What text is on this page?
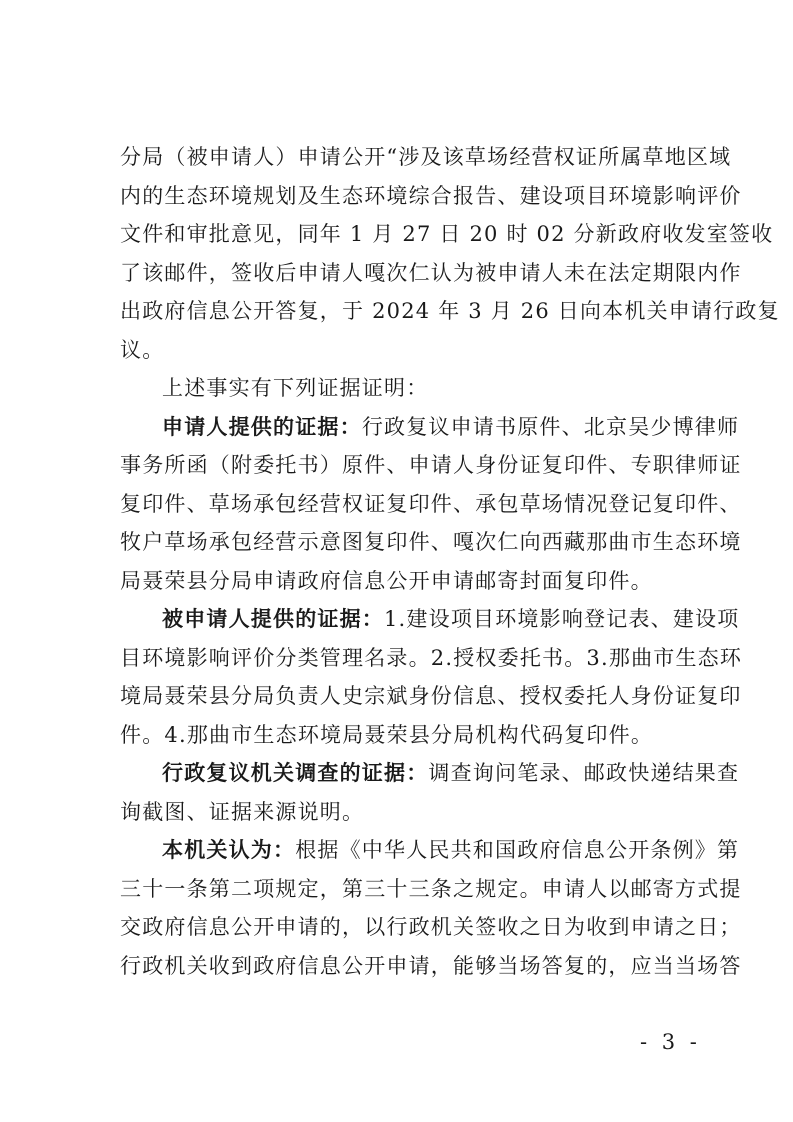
分局（被申请人）申请公开“涉及该草场经营权证所属草地区域
内的生态环境规划及生态环境综合报告、建设项目环境影响评价
文件和审批意见，同年 1 月 27 日 20 时 02 分新政府收发室签收
了该邮件，签收后申请人嘎次仁认为被申请人未在法定期限内作
出政府信息公开答复，于 2024 年 3 月 26 日向本机关申请行政复
议。
上述事实有下列证据证明：
申请人提供的证据：行政复议申请书原件、北京吴少博律师
事务所函（附委托书）原件、申请人身份证复印件、专职律师证
复印件、草场承包经营权证复印件、承包草场情况登记复印件、
牧户草场承包经营示意图复印件、嘎次仁向西藏那曲市生态环境
局聂荣县分局申请政府信息公开申请邮寄封面复印件。
被申请人提供的证据：1.建设项目环境影响登记表、建设项
目环境影响评价分类管理名录。2.授权委托书。3.那曲市生态环
境局聂荣县分局负责人史宗斌身份信息、授权委托人身份证复印
件。4.那曲市生态环境局聂荣县分局机构代码复印件。
行政复议机关调查的证据：调查询问笔录、邮政快递结果查
询截图、证据来源说明。
本机关认为：根据《中华人民共和国政府信息公开条例》第
三十一条第二项规定，第三十三条之规定。申请人以邮寄方式提
交政府信息公开申请的，以行政机关签收之日为收到申请之日；
行政机关收到政府信息公开申请，能够当场答复的，应当当场答
- 3 -
